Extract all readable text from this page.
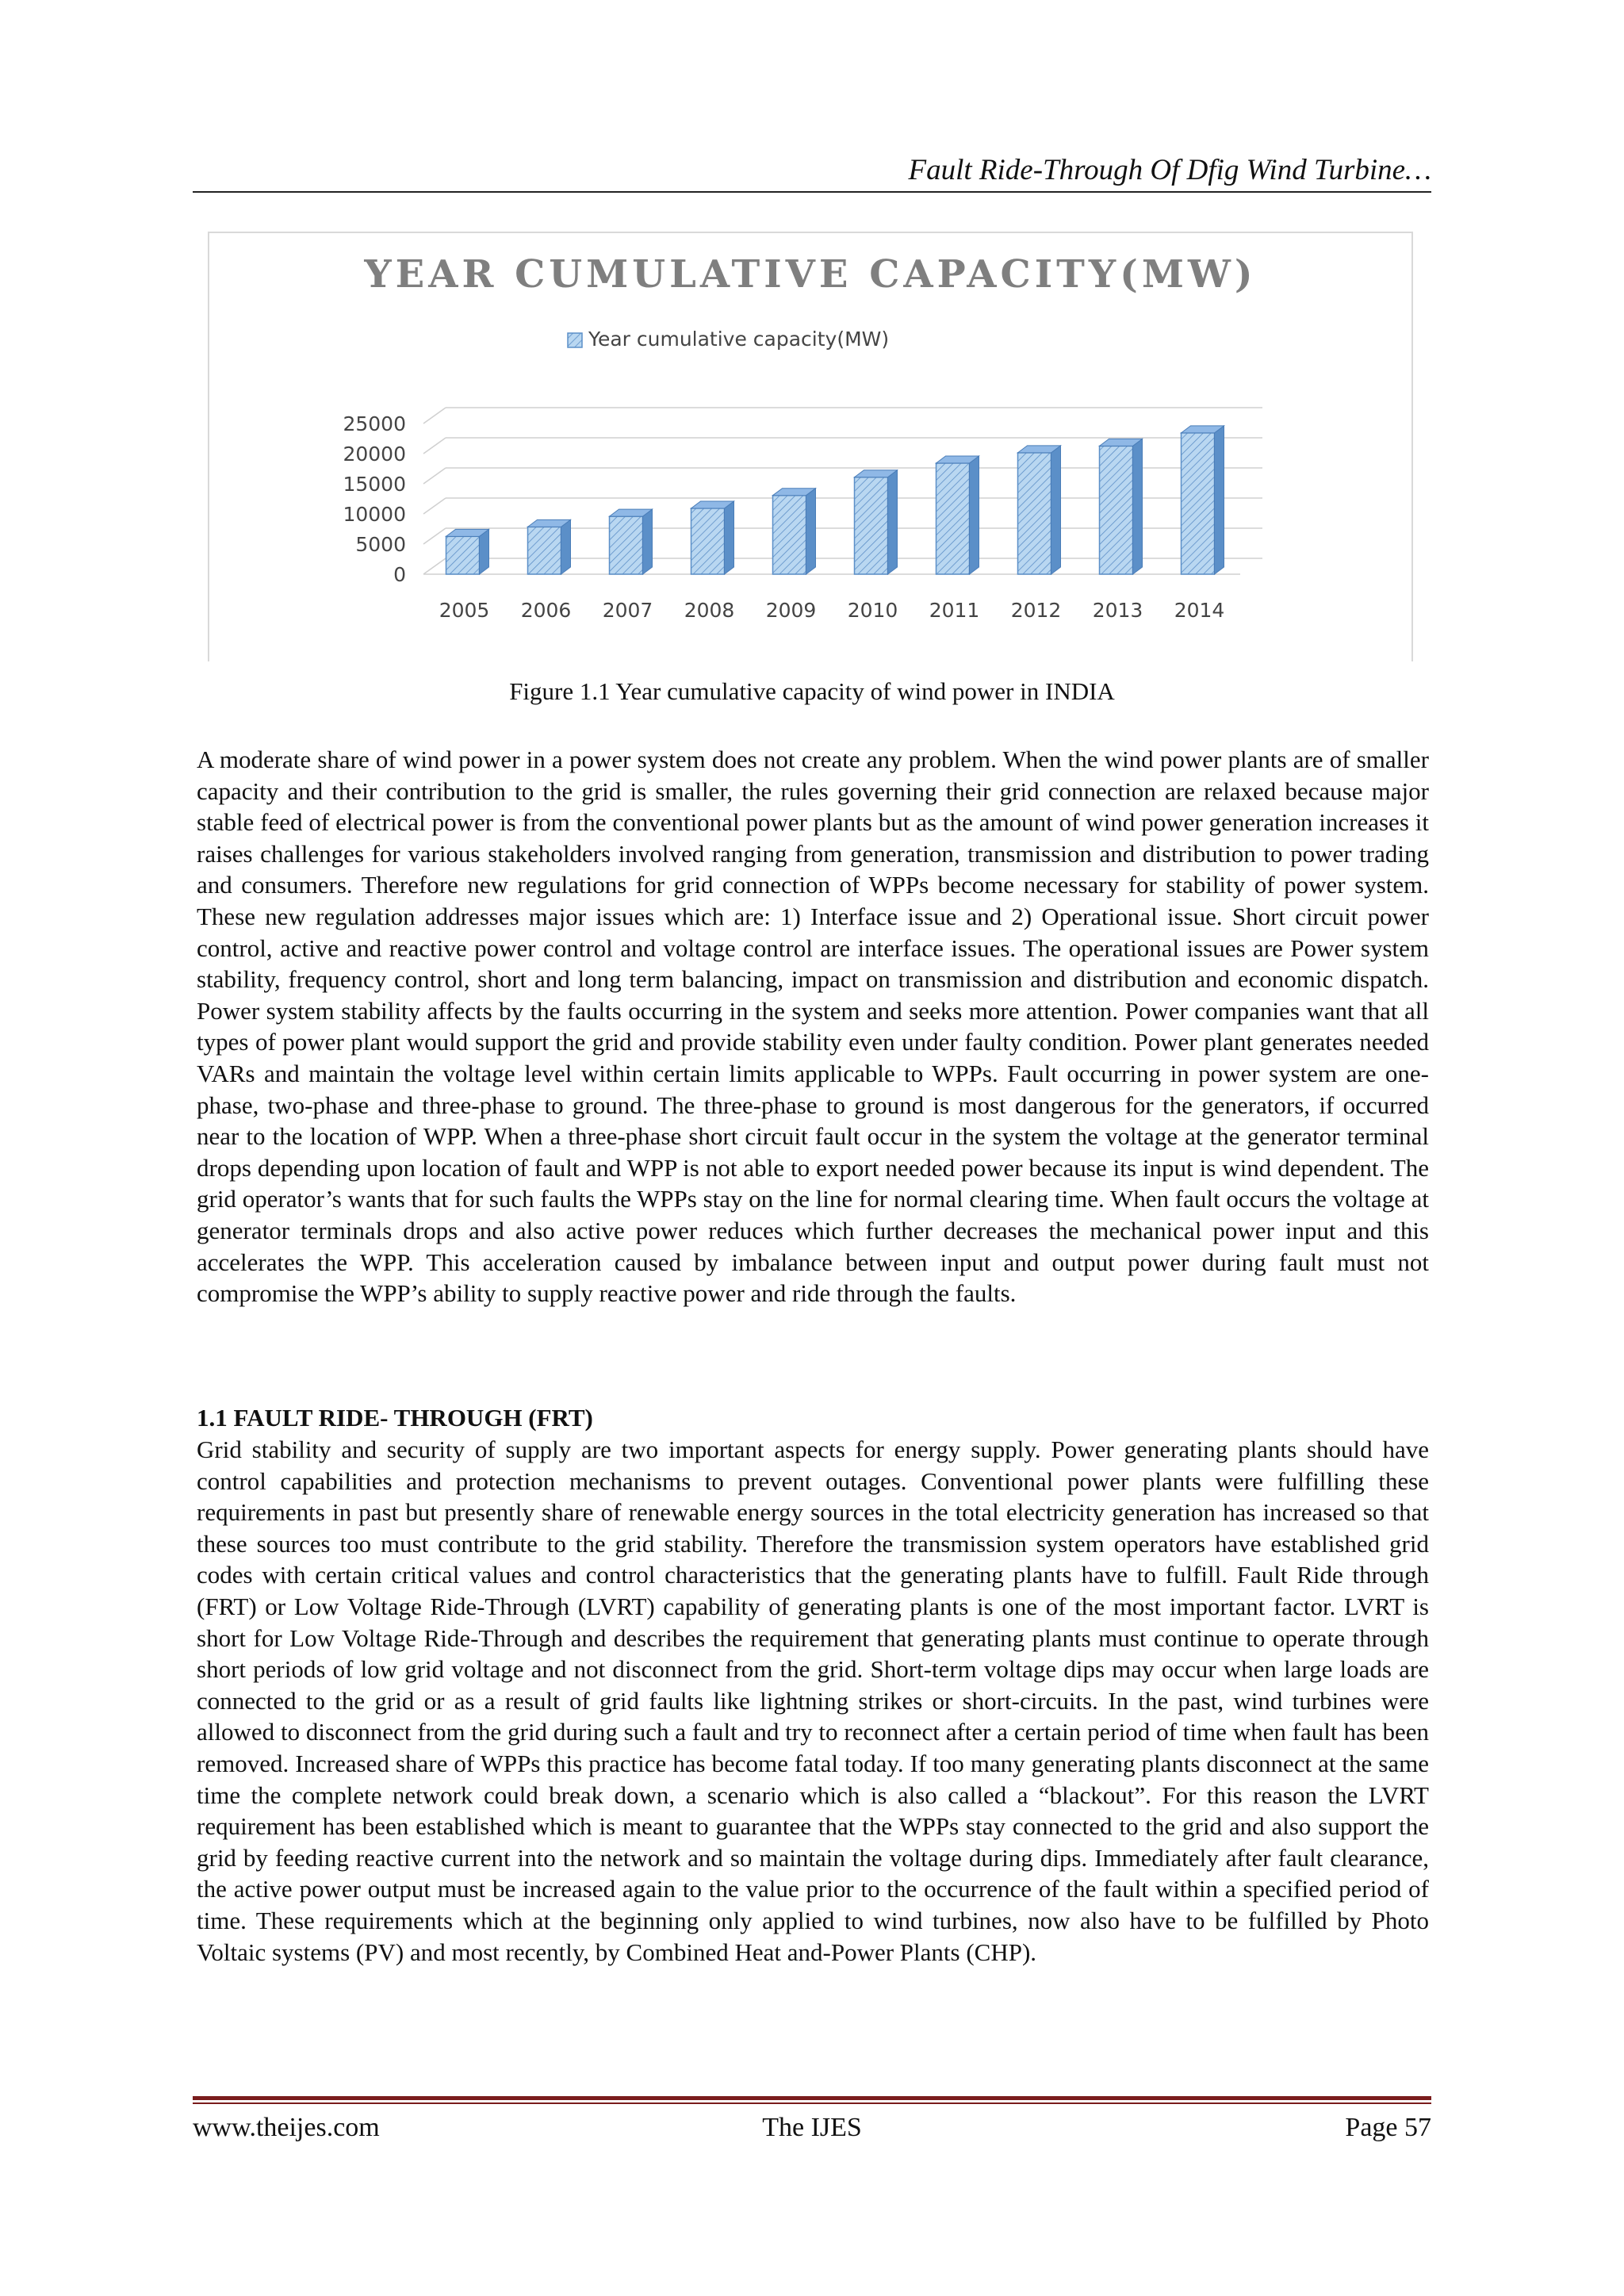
Fault Ride-Through Of Dfig Wind Turbine…
YEAR CUMULATIVE CAPACITY(MW)
Year cumulative capacity(MW)
0
5000
10000
15000
20000
25000
2005 2006 2007 2008 2009 2010 2011 2012 2013 2014
Figure 1.1 Year cumulative capacity of wind power in INDIA

A moderate share of wind power in a power system does not create any problem. When the wind power plants are of smaller capacity and their contribution to the grid is smaller, the rules governing their grid connection are relaxed because major stable feed of electrical power is from the conventional power plants but as the amount of wind power generation increases it raises challenges for various stakeholders involved ranging from generation, transmission and distribution to power trading and consumers. Therefore new regulations for grid connection of WPPs become necessary for stability of power system. These new regulation addresses major issues which are: 1) Interface issue and 2) Operational issue. Short circuit power control, active and reactive power control and voltage control are interface issues. The operational issues are Power system stability, frequency control, short and long term balancing, impact on transmission and distribution and economic dispatch. Power system stability affects by the faults occurring in the system and seeks more attention. Power companies want that all types of power plant would support the grid and provide stability even under faulty condition. Power plant generates needed VARs and maintain the voltage level within certain limits applicable to WPPs. Fault occurring in power system are one-phase, two-phase and three-phase to ground. The three-phase to ground is most dangerous for the generators, if occurred near to the location of WPP. When a three-phase short circuit fault occur in the system the voltage at the generator terminal drops depending upon location of fault and WPP is not able to export needed power because its input is wind dependent. The grid operator’s wants that for such faults the WPPs stay on the line for normal clearing time. When fault occurs the voltage at generator terminals drops and also active power reduces which further decreases the mechanical power input and this accelerates the WPP. This acceleration caused by imbalance between input and output power during fault must not compromise the WPP’s ability to supply reactive power and ride through the faults.

1.1 FAULT RIDE- THROUGH (FRT)

Grid stability and security of supply are two important aspects for energy supply. Power generating plants should have control capabilities and protection mechanisms to prevent outages. Conventional power plants were fulfilling these requirements in past but presently share of renewable energy sources in the total electricity generation has increased so that these sources too must contribute to the grid stability. Therefore the transmission system operators have established grid codes with certain critical values and control characteristics that the generating plants have to fulfill. Fault Ride through (FRT) or Low Voltage Ride-Through (LVRT) capability of generating plants is one of the most important factor. LVRT is short for Low Voltage Ride-Through and describes the requirement that generating plants must continue to operate through short periods of low grid voltage and not disconnect from the grid. Short-term voltage dips may occur when large loads are connected to the grid or as a result of grid faults like lightning strikes or short-circuits. In the past, wind turbines were allowed to disconnect from the grid during such a fault and try to reconnect after a certain period of time when fault has been removed. Increased share of WPPs this practice has become fatal today. If too many generating plants disconnect at the same time the complete network could break down, a scenario which is also called a “blackout”. For this reason the LVRT requirement has been established which is meant to guarantee that the WPPs stay connected to the grid and also support the grid by feeding reactive current into the network and so maintain the voltage during dips. Immediately after fault clearance, the active power output must be increased again to the value prior to the occurrence of the fault within a specified period of time. These requirements which at the beginning only applied to wind turbines, now also have to be fulfilled by Photo Voltaic systems (PV) and most recently, by Combined Heat and-Power Plants (CHP).

www.theijes.com	The IJES	Page 57
